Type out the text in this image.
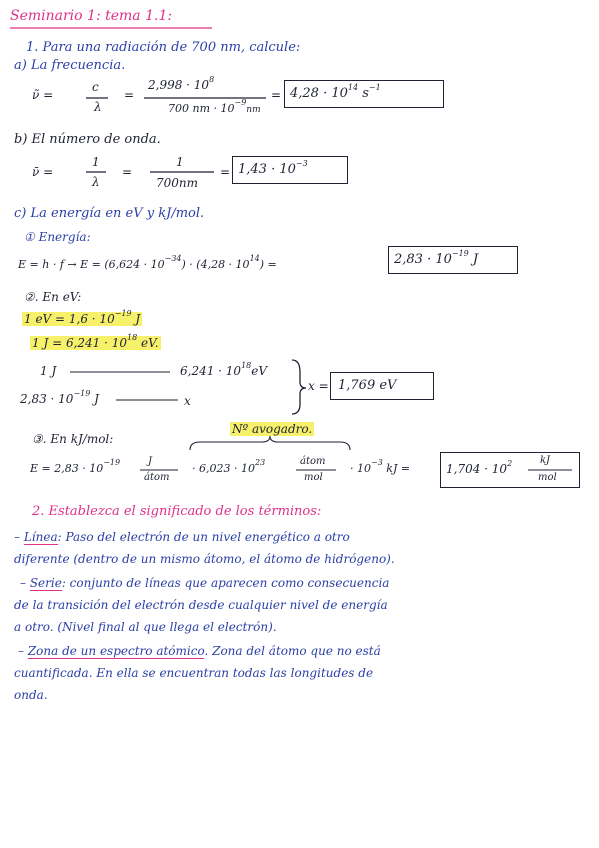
Seminario 1: tema 1.1:
1. Para una radiación de 700 nm, calcule:
a) La frecuencia.
ν̃ =
c
λ
=
$2,998 \cdot 10^8$
700 nm · $10^{-9}nm$
= $4,28 \cdot 10^{14}$ $s^{-1}$
b) El número de onda.
ν̄ =
1
λ
=
1
700nm
= $1,43 \cdot 10^{-3}$
c) La energía en eV y kJ/mol.
① Energía:
$E = h \cdot f \to E = (6,624 \cdot 10^{-34}) \cdot (4,28 \cdot 10^{14})$ =	$2,83 \cdot 10^{-19}$ J
②. En eV:
1 eV = $1,6 \cdot 10^{-19}$ J
1 $J = 6,241 \cdot 10^{18}$ eV.
1 J	$6,241 \cdot 10^{18}eV$
$2,83 \cdot 10^{-19}$ J	x
x = 1,769 eV
Nº avogadro.
③. En kJ/mol:
$E = 2,83 \cdot 10^{-19}$	J
átom
· $6,023 \cdot 10^{23}$	átom
mol
· $10^{-3}$ kJ =	$1,704 \cdot 10^2$	kJ
mol
2. Establezca el significado de los términos:
– Línea: Paso del electrón de un nivel energético a otro
diferente (dentro de un mismo átomo, el átomo de hidrógeno).
– Serie: conjunto de líneas que aparecen como consecuencia
de la transición del electrón desde cualquier nivel de energía
a otro. (Nivel final al que llega el electrón).
– Zona de un espectro atómico. Zona del átomo que no está
cuantificada. En ella se encuentran todas las longitudes de
onda.
